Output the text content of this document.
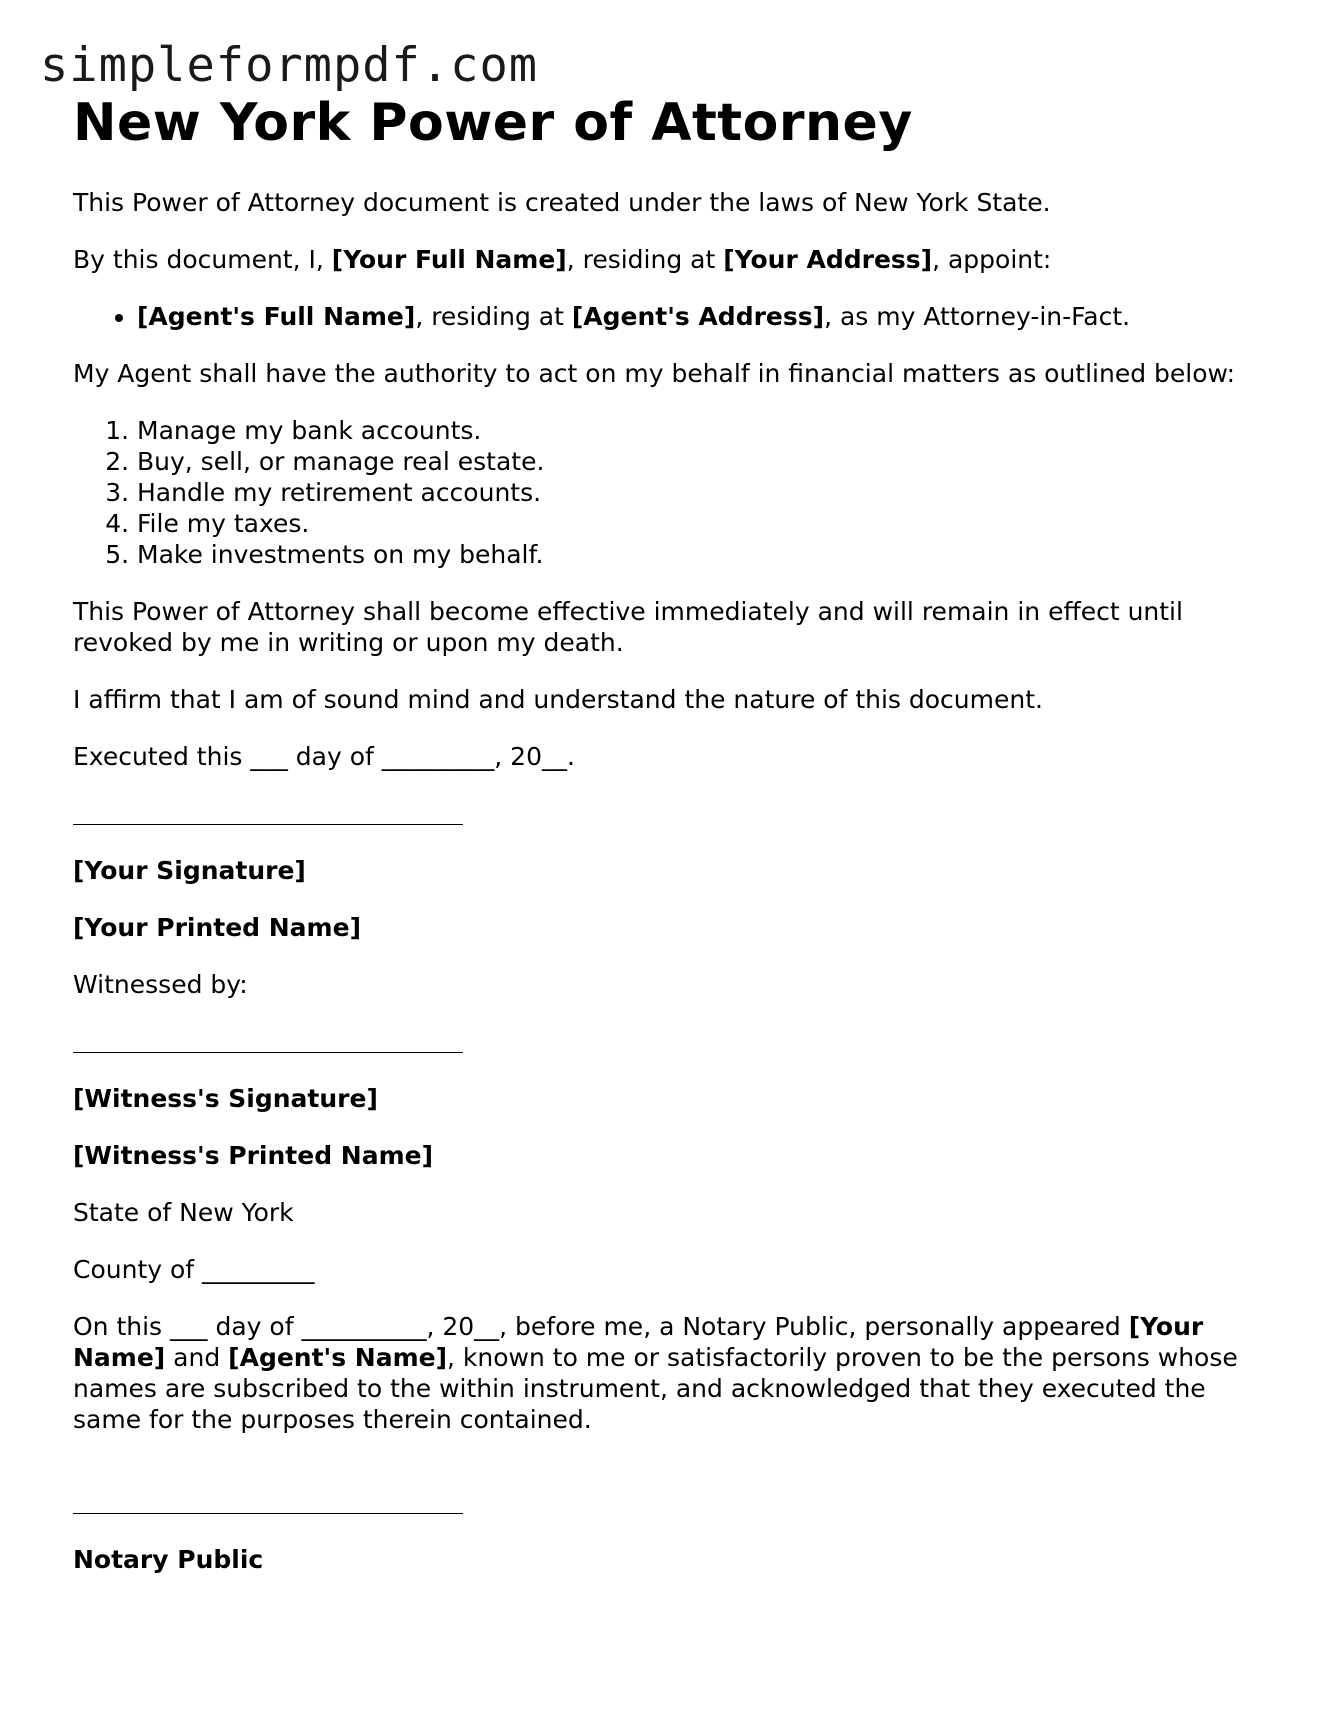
simpleformpdf.com
New York Power of Attorney

This Power of Attorney document is created under the laws of New York State.

By this document, I, [Your Full Name], residing at [Your Address], appoint:

• [Agent's Full Name], residing at [Agent's Address], as my Attorney-in-Fact.

My Agent shall have the authority to act on my behalf in financial matters as outlined below:

1. Manage my bank accounts.
2. Buy, sell, or manage real estate.
3. Handle my retirement accounts.
4. File my taxes.
5. Make investments on my behalf.

This Power of Attorney shall become effective immediately and will remain in effect until revoked by me in writing or upon my death.

I affirm that I am of sound mind and understand the nature of this document.

Executed this ___ day of _________, 20__.

[Your Signature]

[Your Printed Name]

Witnessed by:

[Witness's Signature]

[Witness's Printed Name]

State of New York

County of _________

On this ___ day of __________, 20__, before me, a Notary Public, personally appeared [Your Name] and [Agent's Name], known to me or satisfactorily proven to be the persons whose names are subscribed to the within instrument, and acknowledged that they executed the same for the purposes therein contained.

Notary Public
